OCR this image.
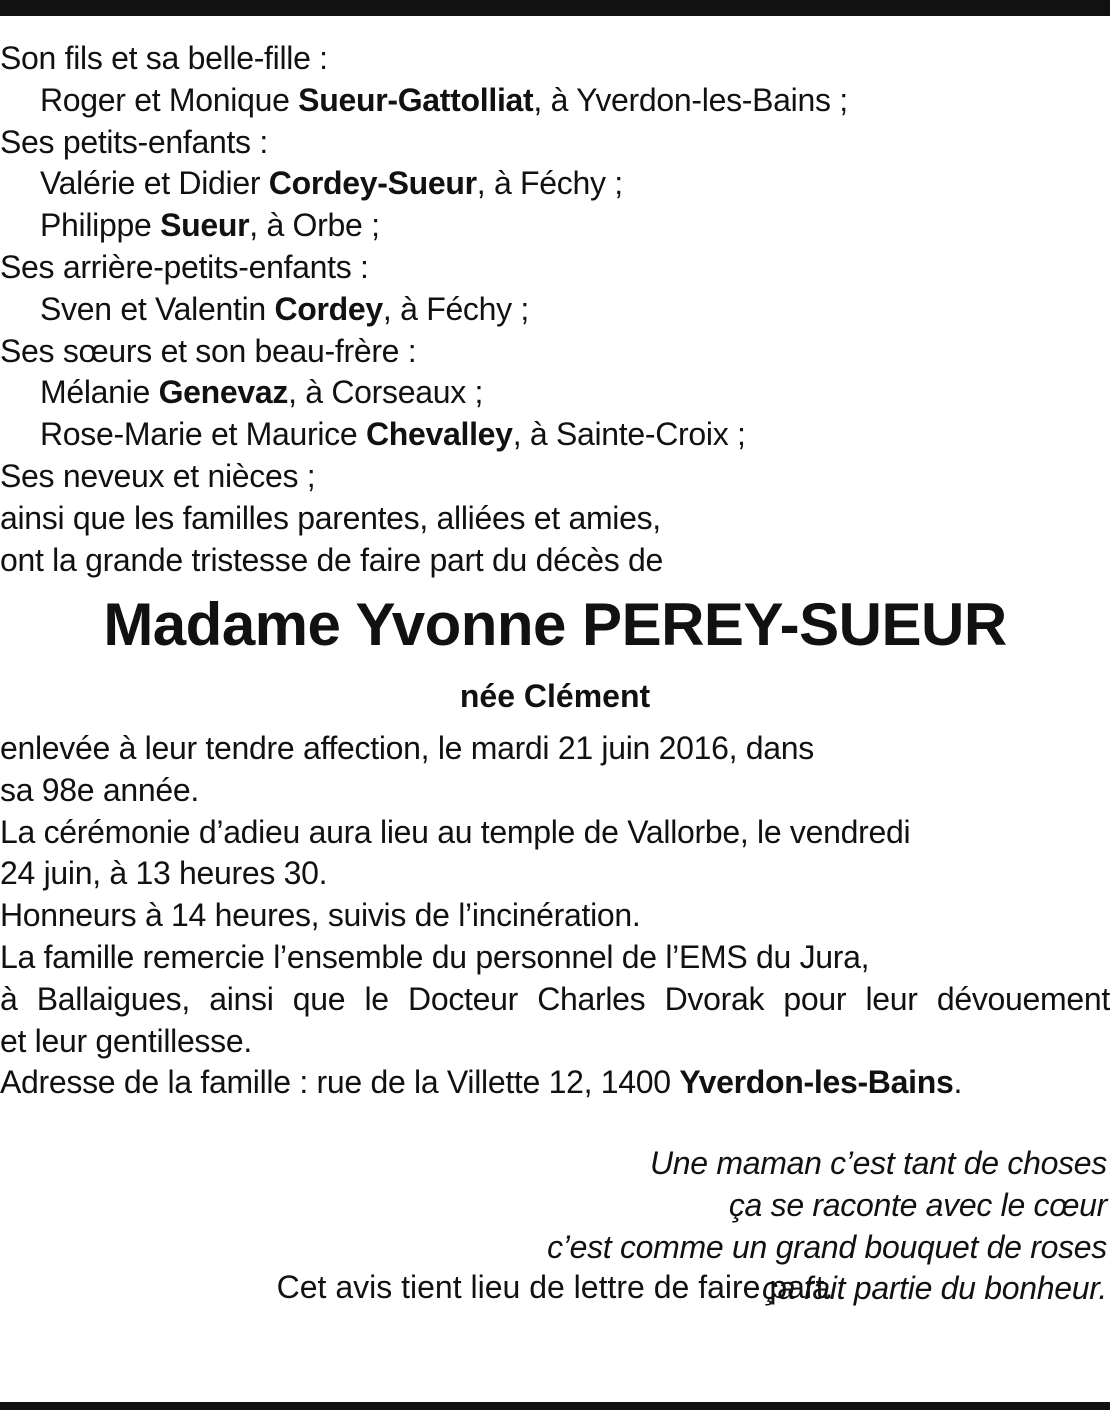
Son fils et sa belle-fille :
Roger et Monique Sueur-Gattolliat, à Yverdon-les-Bains ;
Ses petits-enfants :
Valérie et Didier Cordey-Sueur, à Féchy ;
Philippe Sueur, à Orbe ;
Ses arrière-petits-enfants :
Sven et Valentin Cordey, à Féchy ;
Ses sœurs et son beau-frère :
Mélanie Genevaz, à Corseaux ;
Rose-Marie et Maurice Chevalley, à Sainte-Croix ;
Ses neveux et nièces ;
ainsi que les familles parentes, alliées et amies,
ont la grande tristesse de faire part du décès de
Madame Yvonne PEREY-SUEUR
née Clément
enlevée à leur tendre affection, le mardi 21 juin 2016, dans
sa 98e année.
La cérémonie d’adieu aura lieu au temple de Vallorbe, le vendredi
24 juin, à 13 heures 30.
Honneurs à 14 heures, suivis de l’incinération.
La famille remercie l’ensemble du personnel de l’EMS du Jura,
à Ballaigues, ainsi que le Docteur Charles Dvorak pour leur dévouement
et leur gentillesse.
Adresse de la famille : rue de la Villette 12, 1400 Yverdon-les-Bains.
Une maman c’est tant de choses
ça se raconte avec le cœur
c’est comme un grand bouquet de roses
ça fait partie du bonheur.
Cet avis tient lieu de lettre de faire part.
